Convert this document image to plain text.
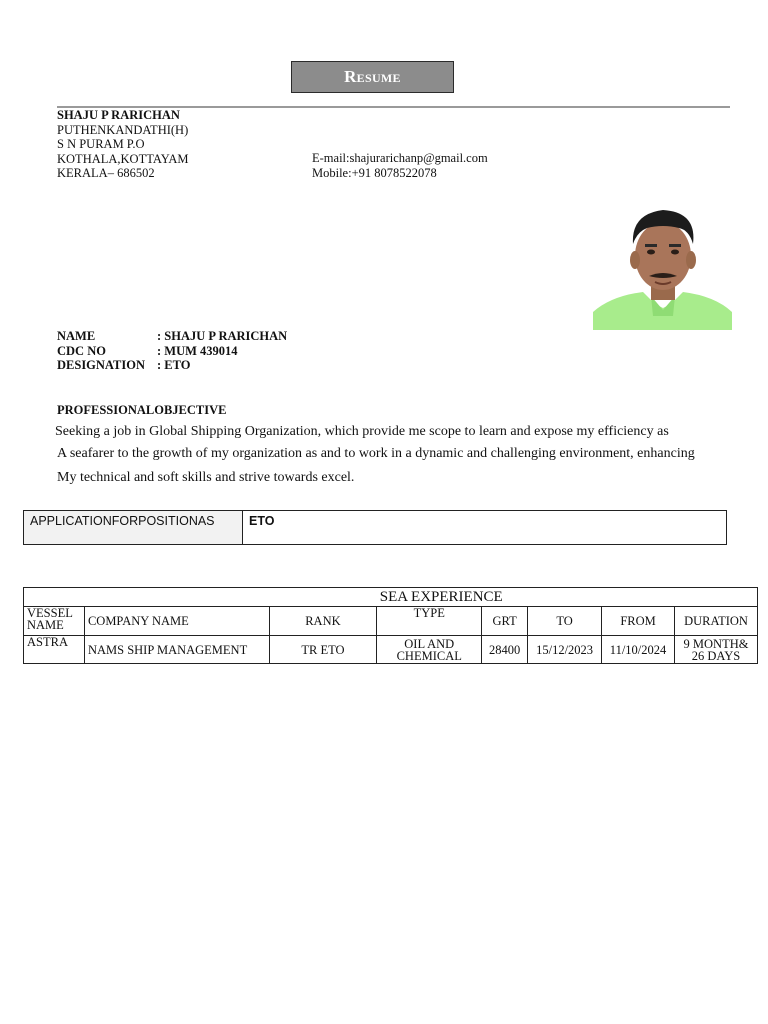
Resume
SHAJU P RARICHAN
PUTHENKANDATHI(H)
S N PURAM P.O
KOTHALA,KOTTAYAM
KERALA– 686502
E-mail:shajurarichanp@gmail.com
Mobile:+91 8078522078
NAME	: SHAJU P RARICHAN
CDC NO	: MUM 439014
DESIGNATION : ETO
PROFESSIONALOBJECTIVE
Seeking a job in Global Shipping Organization, which provide me scope to learn and expose my efficiency as
A seafarer to the growth of my organization as and to work in a dynamic and challenging environment, enhancing
My technical and soft skills and strive towards excel.
APPLICATIONFORPOSITIONAS	ETO
			SEA EXPERIENCE				
VESSEL NAME	COMPANY NAME	RANK	TYPE	GRT	TO	FROM	DURATION
ASTRA	NAMS SHIP MANAGEMENT	TR ETO	OIL AND CHEMICAL	28400	15/12/2023	11/10/2024	9 MONTH& 26 DAYS
